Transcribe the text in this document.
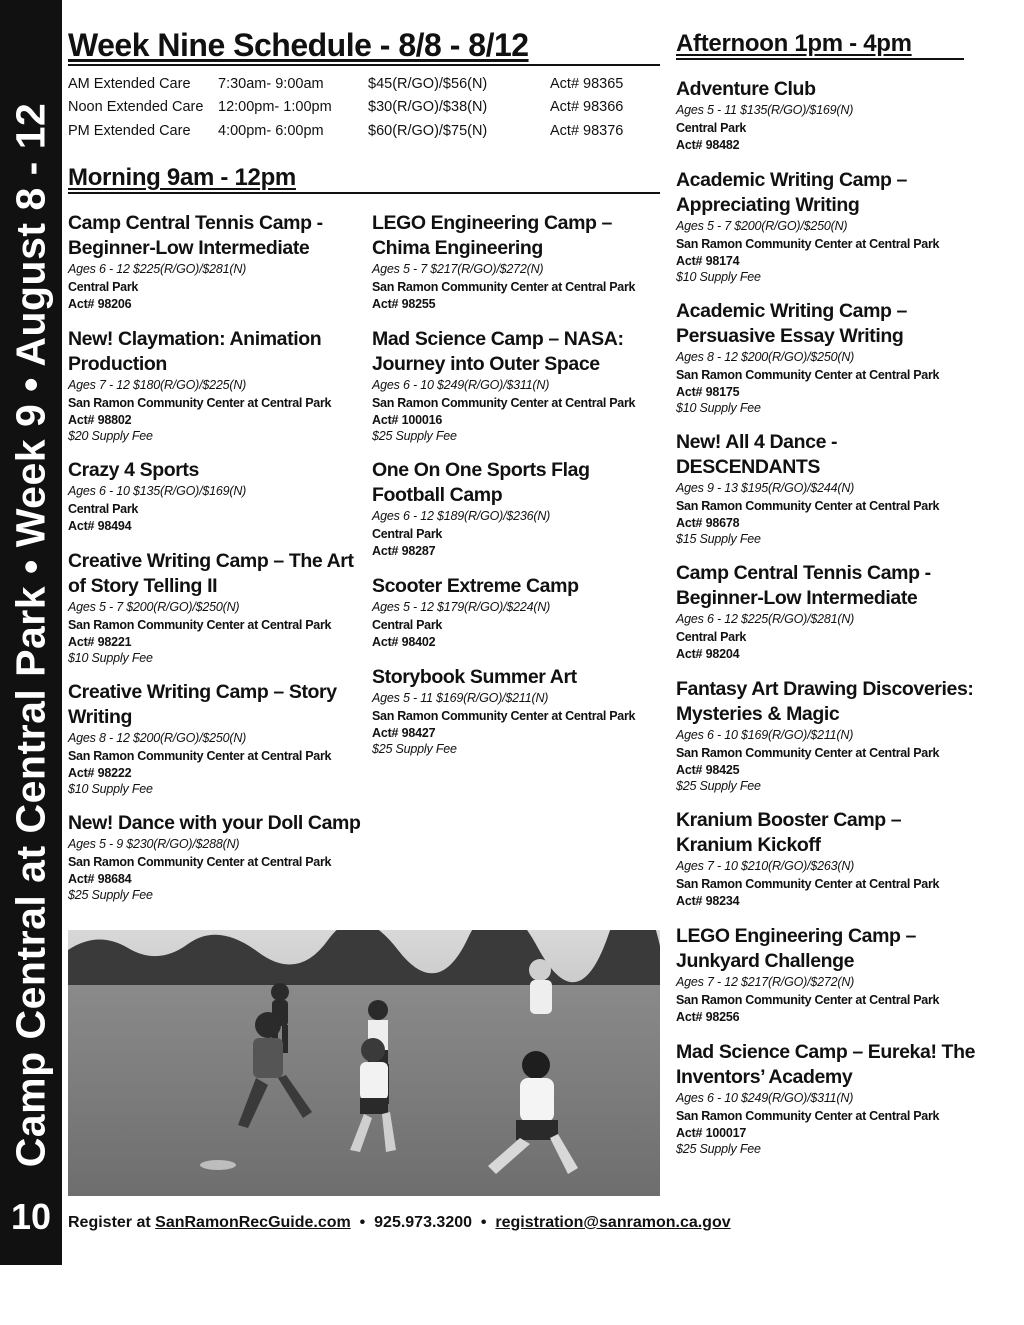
Camp Central at Central Park • Week 9 • August 8 - 12
10
Week Nine Schedule - 8/8 - 8/12
AM Extended Care	7:30am- 9:00am	$45(R/GO)/$56(N)	Act# 98365
Noon Extended Care	12:00pm- 1:00pm	$30(R/GO)/$38(N)	Act# 98366
PM Extended Care	4:00pm- 6:00pm	$60(R/GO)/$75(N)	Act# 98376
Morning 9am - 12pm
Camp Central Tennis Camp - Beginner-Low Intermediate
Ages 6 - 12 $225(R/GO)/$281(N)
Central Park
Act# 98206
New! Claymation: Animation Production
Ages 7 - 12 $180(R/GO)/$225(N)
San Ramon Community Center at Central Park
Act# 98802
$20 Supply Fee
Crazy 4 Sports
Ages 6 - 10 $135(R/GO)/$169(N)
Central Park
Act# 98494
Creative Writing Camp – The Art of Story Telling II
Ages 5 - 7 $200(R/GO)/$250(N)
San Ramon Community Center at Central Park
Act# 98221
$10 Supply Fee
Creative Writing Camp – Story Writing
Ages 8 - 12 $200(R/GO)/$250(N)
San Ramon Community Center at Central Park
Act# 98222
$10 Supply Fee
New! Dance with your Doll Camp
Ages 5 - 9 $230(R/GO)/$288(N)
San Ramon Community Center at Central Park
Act# 98684
$25 Supply Fee
LEGO Engineering Camp – Chima Engineering
Ages 5 - 7 $217(R/GO)/$272(N)
San Ramon Community Center at Central Park
Act# 98255
Mad Science Camp – NASA: Journey into Outer Space
Ages 6 - 10 $249(R/GO)/$311(N)
San Ramon Community Center at Central Park
Act# 100016
$25 Supply Fee
One On One Sports Flag Football Camp
Ages 6 - 12 $189(R/GO)/$236(N)
Central Park
Act# 98287
Scooter Extreme Camp
Ages 5 - 12 $179(R/GO)/$224(N)
Central Park
Act# 98402
Storybook Summer Art
Ages 5 - 11 $169(R/GO)/$211(N)
San Ramon Community Center at Central Park
Act# 98427
$25 Supply Fee
Afternoon 1pm - 4pm
Adventure Club
Ages 5 - 11 $135(R/GO)/$169(N)
Central Park
Act# 98482
Academic Writing Camp – Appreciating Writing
Ages 5 - 7 $200(R/GO)/$250(N)
San Ramon Community Center at Central Park
Act# 98174
$10 Supply Fee
Academic Writing Camp – Persuasive Essay Writing
Ages 8 - 12 $200(R/GO)/$250(N)
San Ramon Community Center at Central Park
Act# 98175
$10 Supply Fee
New! All 4 Dance - DESCENDANTS
Ages 9 - 13 $195(R/GO)/$244(N)
San Ramon Community Center at Central Park
Act# 98678
$15 Supply Fee
Camp Central Tennis Camp - Beginner-Low Intermediate
Ages 6 - 12 $225(R/GO)/$281(N)
Central Park
Act# 98204
Fantasy Art Drawing Discoveries: Mysteries & Magic
Ages 6 - 10 $169(R/GO)/$211(N)
San Ramon Community Center at Central Park
Act# 98425
$25 Supply Fee
Kranium Booster Camp – Kranium Kickoff
Ages 7 - 10 $210(R/GO)/$263(N)
San Ramon Community Center at Central Park
Act# 98234
LEGO Engineering Camp – Junkyard Challenge
Ages 7 - 12 $217(R/GO)/$272(N)
San Ramon Community Center at Central Park
Act# 98256
Mad Science Camp – Eureka! The Inventors’ Academy
Ages 6 - 10 $249(R/GO)/$311(N)
San Ramon Community Center at Central Park
Act# 100017
$25 Supply Fee
Register at SanRamonRecGuide.com  •  925.973.3200  •  registration@sanramon.ca.gov
